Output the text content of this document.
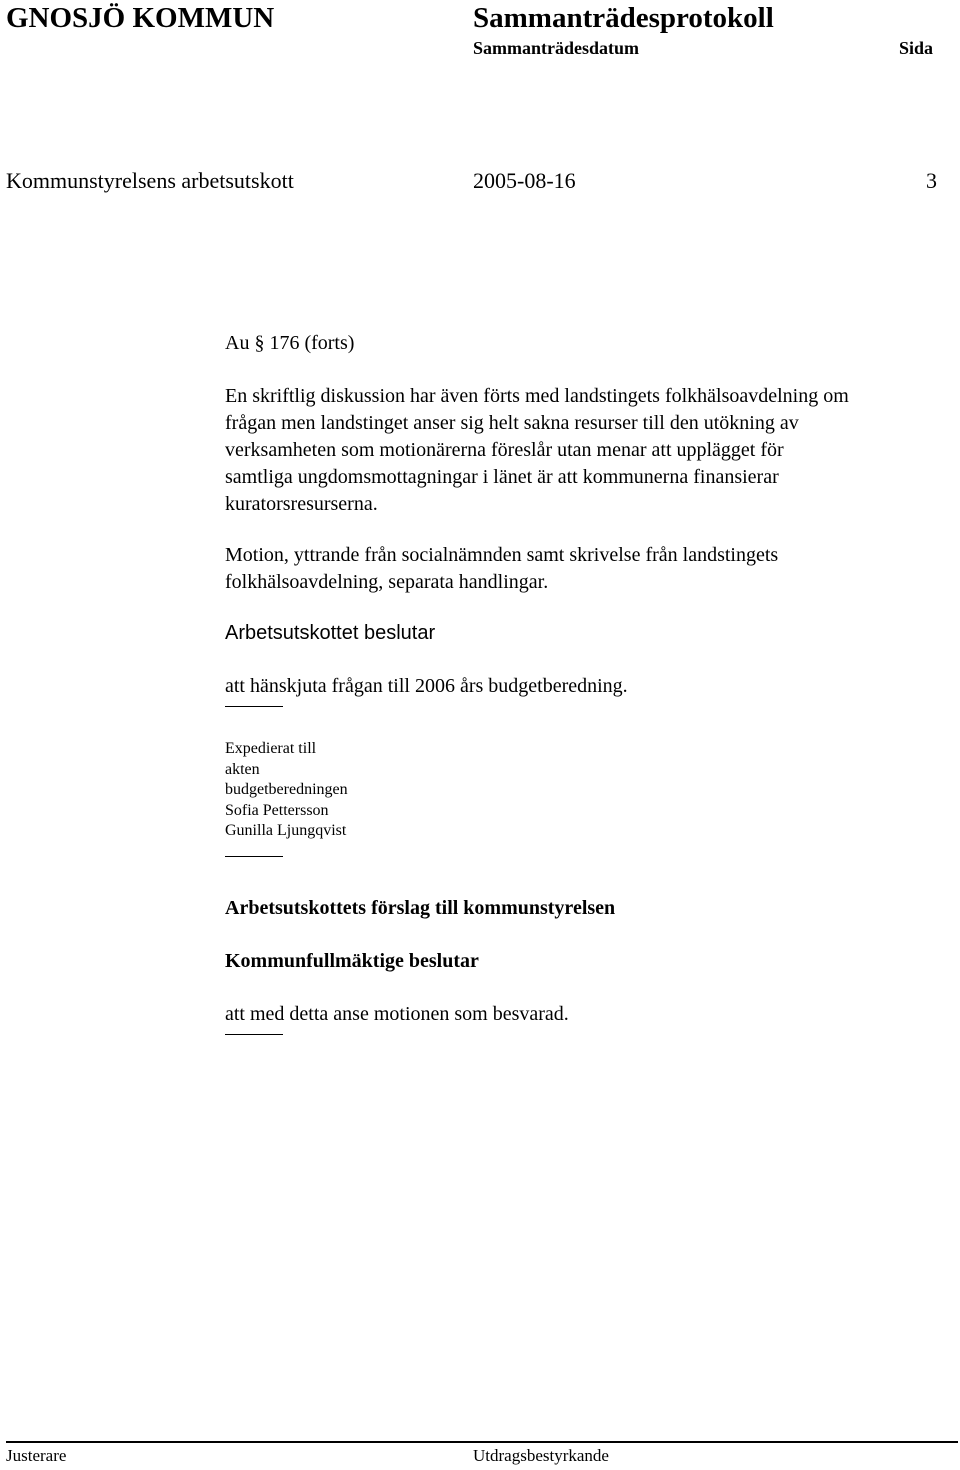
GNOSJÖ KOMMUN	Sammanträdesprotokoll
Sammanträdesdatum	Sida
Kommunstyrelsens arbetsutskott	2005-08-16	3

Au § 176 (forts)

En skriftlig diskussion har även förts med landstingets folkhälsoavdelning om
frågan men landstinget anser sig helt sakna resurser till den utökning av
verksamheten som motionärerna föreslår utan menar att upplägget för
samtliga ungdomsmottagningar i länet är att kommunerna finansierar
kuratorsresurserna.
Motion, yttrande från socialnämnden samt skrivelse från landstingets
folkhälsoavdelning, separata handlingar.
Arbetsutskottet beslutar

att hänskjuta frågan till 2006 års budgetberedning.

Expedierat till
akten
budgetberedningen
Sofia Pettersson
Gunilla Ljungqvist
Arbetsutskottets förslag till kommunstyrelsen
Kommunfullmäktige beslutar

att med detta anse motionen som besvarad.

Justerare	Utdragsbestyrkande
